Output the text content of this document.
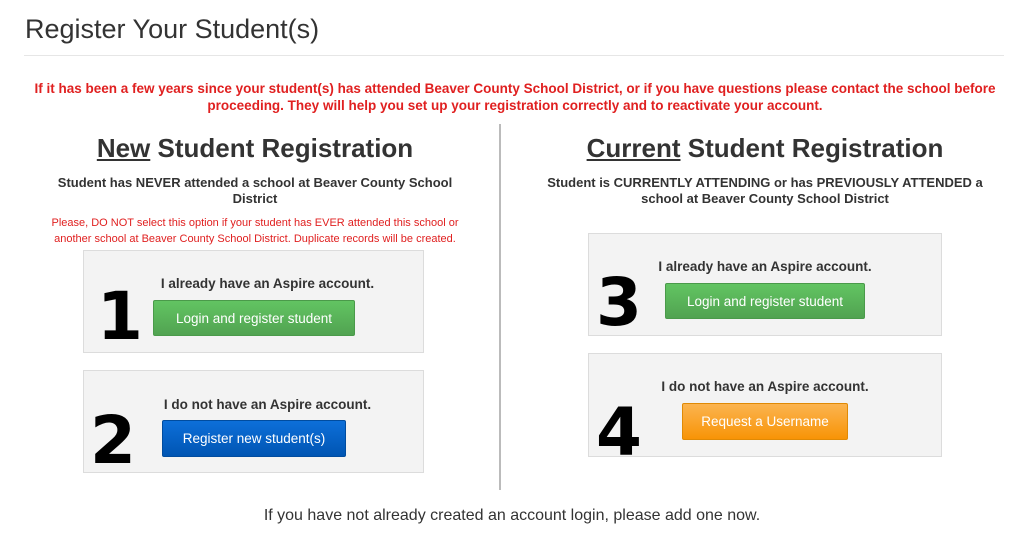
Register Your Student(s)
If it has been a few years since your student(s) has attended Beaver County School District, or if you have questions please contact the school before
proceeding. They will help you set up your registration correctly and to reactivate your account.
New Student Registration
Student has NEVER attended a school at Beaver County School District
Please, DO NOT select this option if your student has EVER attended this school or another school at Beaver County School District. Duplicate records will be created.
I already have an Aspire account.
1	Login and register student
I do not have an Aspire account.
2	Register new student(s)
Current Student Registration
Student is CURRENTLY ATTENDING or has PREVIOUSLY ATTENDED a school at Beaver County School District
I already have an Aspire account.
3	Login and register student
I do not have an Aspire account.
4	Request a Username
If you have not already created an account login, please add one now.
